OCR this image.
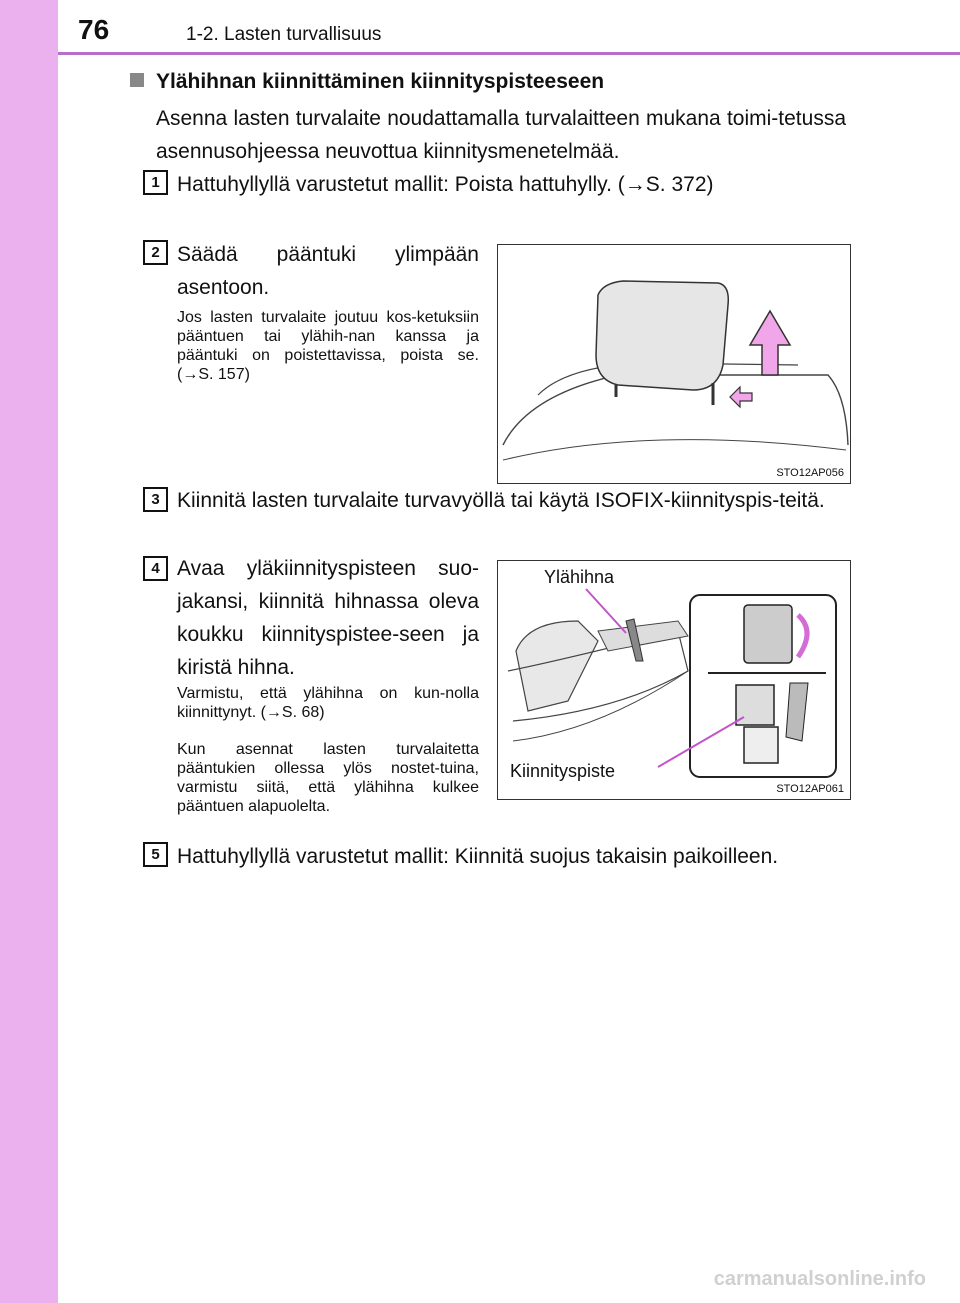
76	1-2. Lasten turvallisuus
Ylähihnan kiinnittäminen kiinnityspisteeseen
Asenna lasten turvalaite noudattamalla turvalaitteen mukana toimi-tetussa asennusohjeessa neuvottua kiinnitysmenetelmää.
1 Hattuhyllyllä varustetut mallit: Poista hattuhylly. (→S. 372)
2 Säädä pääntuki ylimpään asentoon.
Jos lasten turvalaite joutuu kos-ketuksiin pääntuen tai ylähih-nan kanssa ja pääntuki on poistettavissa, poista se. (→S. 157)
STO12AP056
3 Kiinnitä lasten turvalaite turvavyöllä tai käytä ISOFIX-kiinnityspis-teitä.
4 Avaa yläkiinnityspisteen suo-jakansi, kiinnitä hihnassa oleva koukku kiinnityspistee-seen ja kiristä hihna.
Varmistu, että ylähihna on kun-nolla kiinnittynyt. (→S. 68)
Kun asennat lasten turvalaitetta pääntukien ollessa ylös nostet-tuina, varmistu siitä, että ylähihna kulkee pääntuen alapuolelta.
Ylähihna
Kiinnityspiste
STO12AP061
5 Hattuhyllyllä varustetut mallit: Kiinnitä suojus takaisin paikoilleen.
carmanualsonline.info
